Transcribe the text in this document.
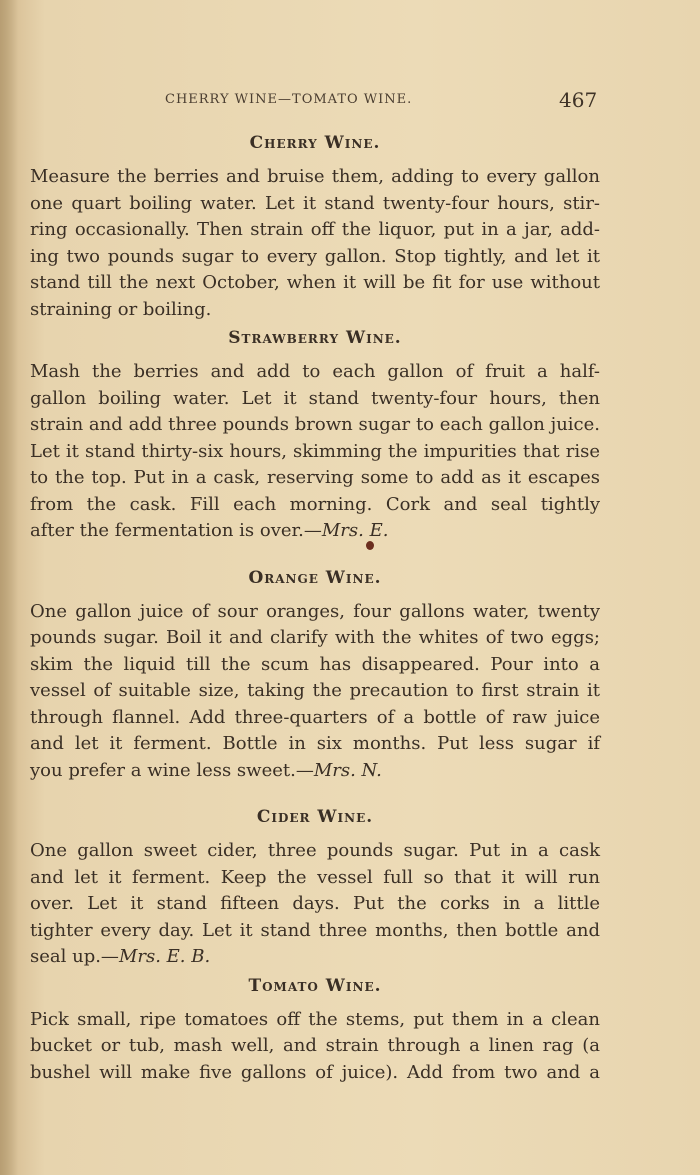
CHERRY WINE—TOMATO WINE.	467
Cherry Wine.

Measure the berries and bruise them, adding to every gallon
one quart boiling water. Let it stand twenty-four hours, stir-
ring occasionally. Then strain off the liquor, put in a jar, add-
ing two pounds sugar to every gallon. Stop tightly, and let it
stand till the next October, when it will be fit for use without
straining or boiling.

Strawberry Wine.

Mash the berries and add to each gallon of fruit a half-
gallon boiling water. Let it stand twenty-four hours, then
strain and add three pounds brown sugar to each gallon juice.
Let it stand thirty-six hours, skimming the impurities that rise
to the top. Put in a cask, reserving some to add as it escapes
from the cask. Fill each morning. Cork and seal tightly
after the fermentation is over.—Mrs. E.

Orange Wine.

One gallon juice of sour oranges, four gallons water, twenty
pounds sugar. Boil it and clarify with the whites of two eggs;
skim the liquid till the scum has disappeared. Pour into a
vessel of suitable size, taking the precaution to first strain it
through flannel. Add three-quarters of a bottle of raw juice
and let it ferment. Bottle in six months. Put less sugar if
you prefer a wine less sweet.—Mrs. N.

Cider Wine.

One gallon sweet cider, three pounds sugar. Put in a cask
and let it ferment. Keep the vessel full so that it will run
over. Let it stand fifteen days. Put the corks in a little
tighter every day. Let it stand three months, then bottle and
seal up.—Mrs. E. B.

Tomato Wine.

Pick small, ripe tomatoes off the stems, put them in a clean
bucket or tub, mash well, and strain through a linen rag (a
bushel will make five gallons of juice). Add from two and a
